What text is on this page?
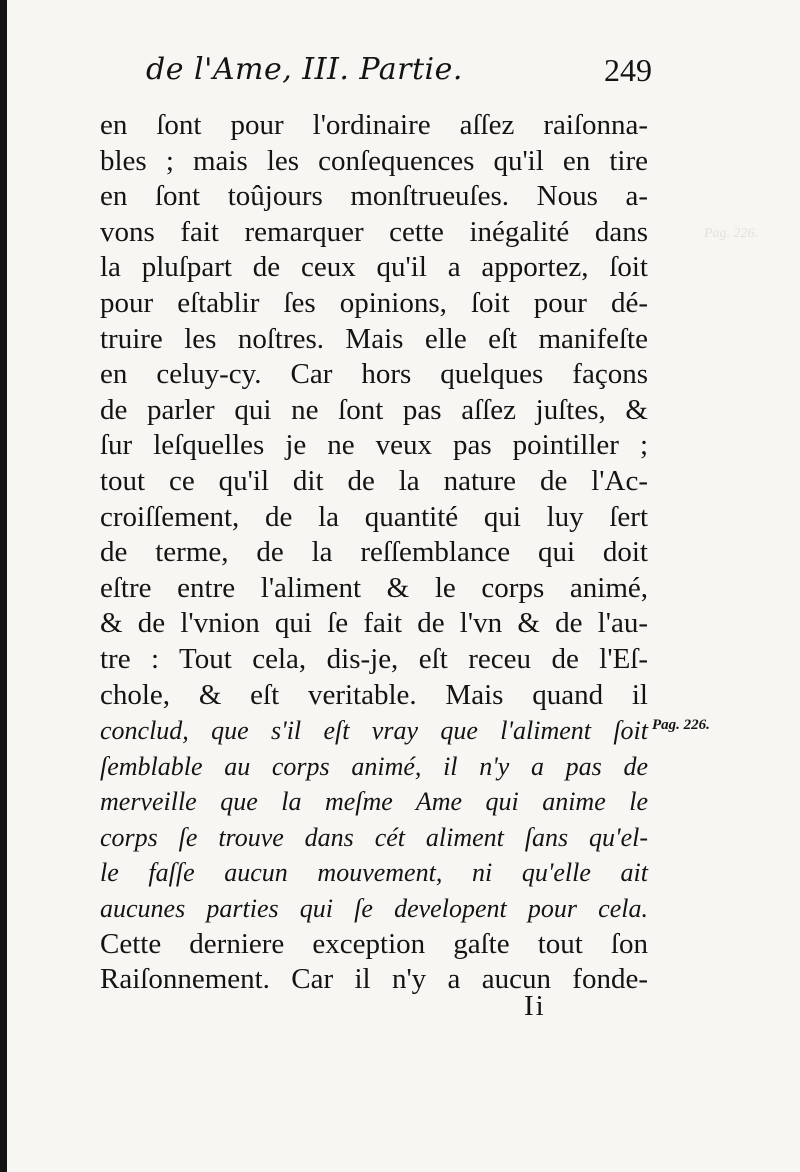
Pag. 226.
de l'Ame, III. Partie.	249
en ſont pour l'ordinaire aſſez raiſonna-
bles ; mais les conſequences qu'il en tire
en ſont toûjours monſtrueuſes. Nous a-
vons fait remarquer cette inégalité dans
la pluſpart de ceux qu'il a apportez, ſoit
pour eſtablir ſes opinions, ſoit pour dé-
truire les noſtres. Mais elle eſt manifeſte
en celuy-cy. Car hors quelques façons
de parler qui ne ſont pas aſſez juſtes, &
ſur leſquelles je ne veux pas pointiller ;
tout ce qu'il dit de la nature de l'Ac-
croiſſement, de la quantité qui luy ſert
de terme, de la reſſemblance qui doit
eſtre entre l'aliment & le corps animé,
& de l'vnion qui ſe fait de l'vn & de l'au-
tre : Tout cela, dis-je, eſt receu de l'Eſ-
chole, & eſt veritable. Mais quand il
conclud, que s'il eſt vray que l'aliment ſoit
ſemblable au corps animé, il n'y a pas de
merveille que la meſme Ame qui anime le
corps ſe trouve dans cét aliment ſans qu'el-
le faſſe aucun mouvement, ni qu'elle ait
aucunes parties qui ſe developent pour cela.
Cette derniere exception gaſte tout ſon
Raiſonnement. Car il n'y a aucun fonde-
Pag. 226.
Ii
